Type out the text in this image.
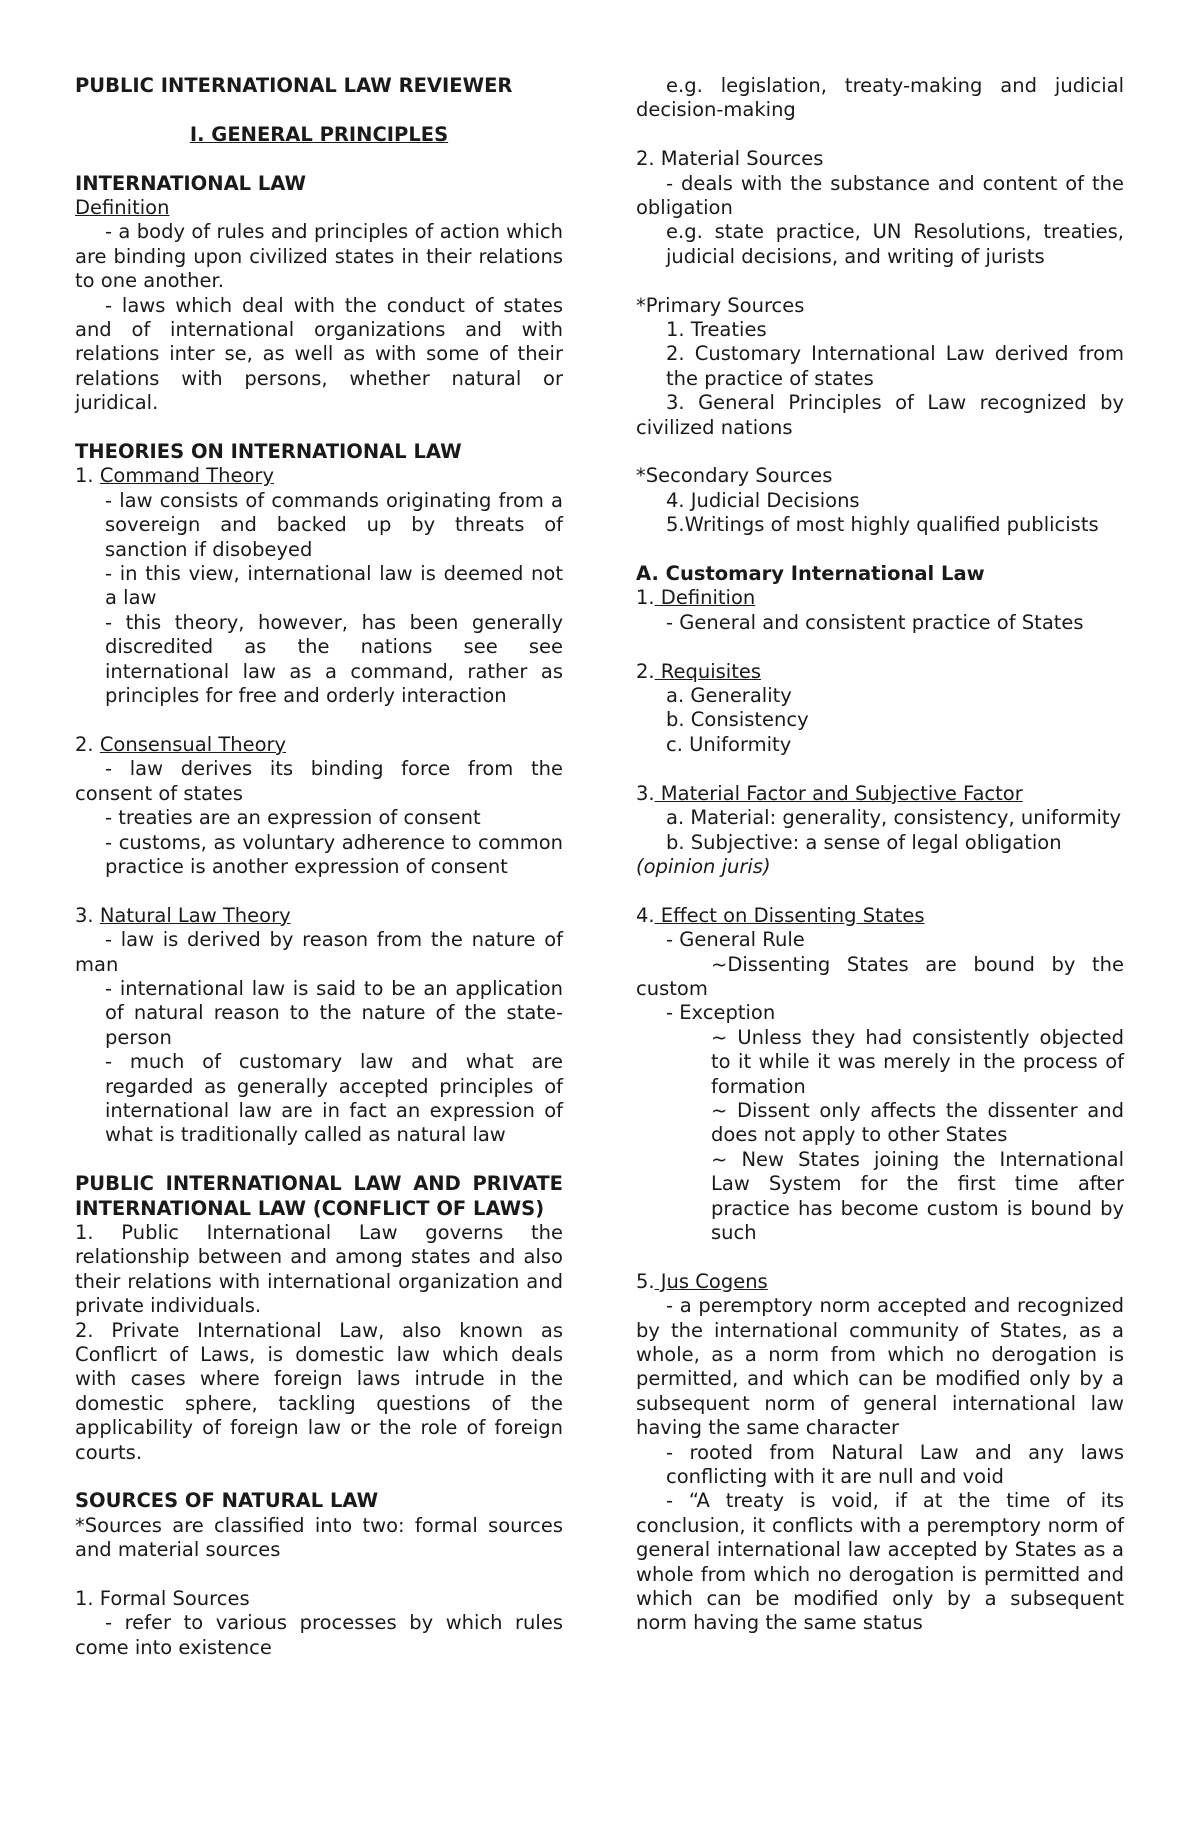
PUBLIC INTERNATIONAL LAW REVIEWER

I. GENERAL PRINCIPLES

INTERNATIONAL LAW

Definition

- a body of rules and principles of action which are binding upon civilized states in their relations to one another.

- laws which deal with the conduct of states and of international organizations and with relations inter se, as well as with some of their relations with persons, whether natural or juridical.

THEORIES ON INTERNATIONAL LAW

1. Command Theory

- law consists of commands originating from a sovereign and backed up by threats of sanction if disobeyed

- in this view, international law is deemed not a law

- this theory, however, has been generally discredited as the nations see see international law as a command, rather as principles for free and orderly interaction

2. Consensual Theory

- law derives its binding force from the consent of states

- treaties are an expression of consent

- customs, as voluntary adherence to common practice is another expression of consent

3. Natural Law Theory

- law is derived by reason from the nature of man

- international law is said to be an application of natural reason to the nature of the state-person

- much of customary law and what are regarded as generally accepted principles of international law are in fact an expression of what is traditionally called as natural law

PUBLIC INTERNATIONAL LAW AND PRIVATE INTERNATIONAL LAW (CONFLICT OF LAWS)

1. Public International Law governs the relationship between and among states and also their relations with international organization and private individuals.

2. Private International Law, also known as Conflicrt of Laws, is domestic law which deals with cases where foreign laws intrude in the domestic sphere, tackling questions of the applicability of foreign law or the role of foreign courts.

SOURCES OF NATURAL LAW

*Sources are classified into two: formal sources and material sources

1. Formal Sources

- refer to various processes by which rules come into existence

e.g. legislation, treaty-making and judicial decision-making

2. Material Sources

- deals with the substance and content of the obligation

e.g. state practice, UN Resolutions, treaties, judicial decisions, and writing of jurists

*Primary Sources

1. Treaties

2. Customary International Law derived from the practice of states

3. General Principles of Law recognized by civilized nations

*Secondary Sources

4. Judicial Decisions

5.Writings of most highly qualified publicists

A. Customary International Law

1. Definition

- General and consistent practice of States

2. Requisites

a. Generality

b. Consistency

c. Uniformity

3. Material Factor and Subjective Factor

a. Material: generality, consistency, uniformity

b. Subjective: a sense of legal obligation

(opinion juris)

4. Effect on Dissenting States

- General Rule

~Dissenting States are bound by the custom

- Exception

~ Unless they had consistently objected to it while it was merely in the process of formation

~ Dissent only affects the dissenter and does not apply to other States

~ New States joining the International Law System for the first time after practice has become custom is bound by such

5. Jus Cogens

- a peremptory norm accepted and recognized by the international community of States, as a whole, as a norm from which no derogation is permitted, and which can be modified only by a subsequent norm of general international law having the same character

- rooted from Natural Law and any laws conflicting with it are null and void

- “A treaty is void, if at the time of its conclusion, it conflicts with a peremptory norm of general international law accepted by States as a whole from which no derogation is permitted and which can be modified only by a subsequent norm having the same status
